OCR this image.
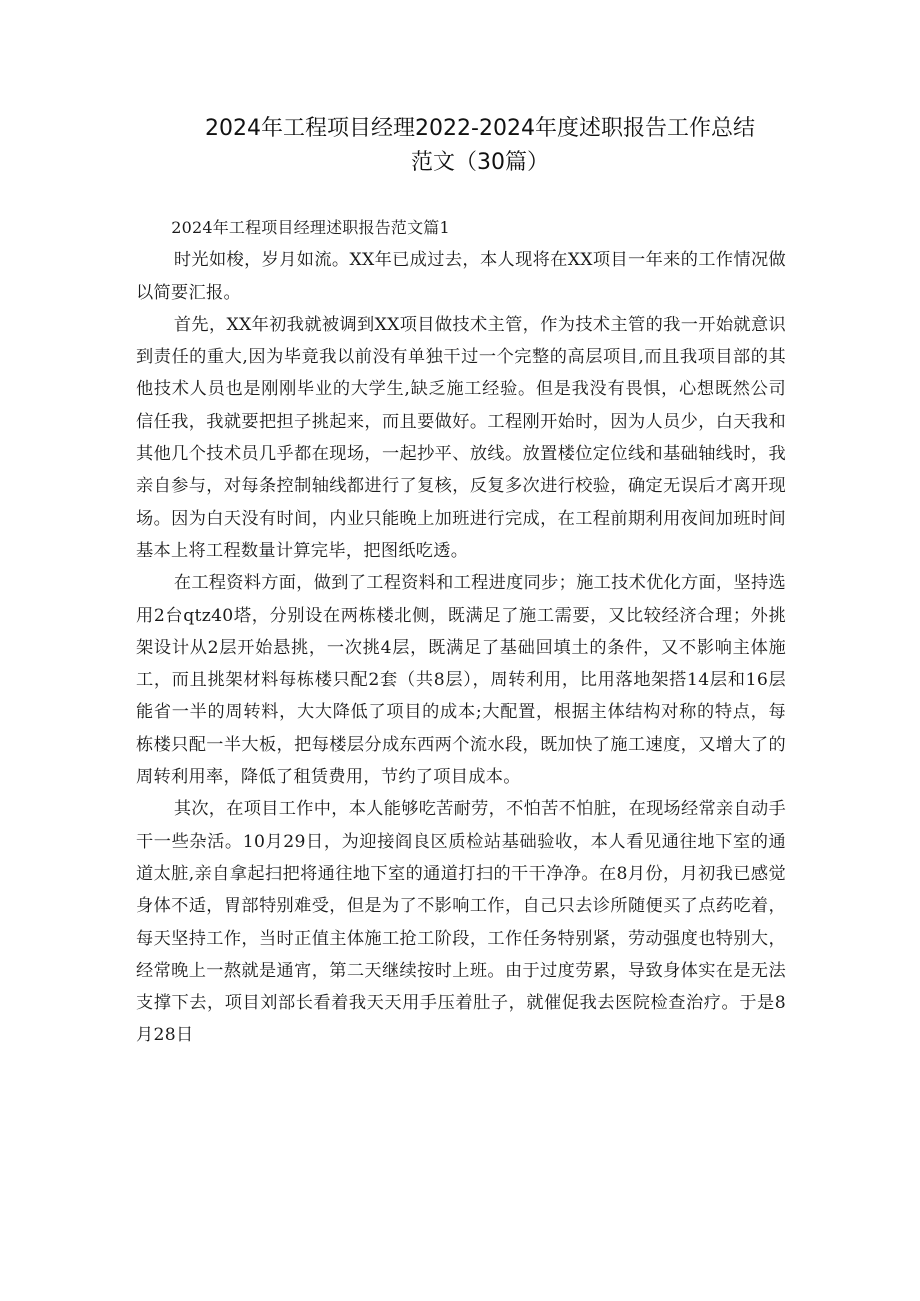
2024年工程项目经理2022-2024年度述职报告工作总结
范文（30篇）

2024年工程项目经理述职报告范文篇1

时光如梭，岁月如流。XX年已成过去，本人现将在XX项目一年来的工作情况做以简要汇报。

首先，XX年初我就被调到XX项目做技术主管，作为技术主管的我一开始就意识到责任的重大,因为毕竟我以前没有单独干过一个完整的高层项目,而且我项目部的其他技术人员也是刚刚毕业的大学生,缺乏施工经验。但是我没有畏惧，心想既然公司信任我，我就要把担子挑起来，而且要做好。工程刚开始时，因为人员少，白天我和其他几个技术员几乎都在现场，一起抄平、放线。放置楼位定位线和基础轴线时，我亲自参与，对每条控制轴线都进行了复核，反复多次进行校验，确定无误后才离开现场。因为白天没有时间，内业只能晚上加班进行完成，在工程前期利用夜间加班时间基本上将工程数量计算完毕，把图纸吃透。

在工程资料方面，做到了工程资料和工程进度同步；施工技术优化方面，坚持选用2台qtz40塔，分别设在两栋楼北侧，既满足了施工需要，又比较经济合理；外挑架设计从2层开始悬挑，一次挑4层，既满足了基础回填土的条件，又不影响主体施工，而且挑架材料每栋楼只配2套（共8层），周转利用，比用落地架搭14层和16层能省一半的周转料，大大降低了项目的成本;大配置，根据主体结构对称的特点，每栋楼只配一半大板，把每楼层分成东西两个流水段，既加快了施工速度，又增大了的周转利用率，降低了租赁费用，节约了项目成本。

其次，在项目工作中，本人能够吃苦耐劳，不怕苦不怕脏，在现场经常亲自动手干一些杂活。10月29日，为迎接阎良区质检站基础验收，本人看见通往地下室的通道太脏,亲自拿起扫把将通往地下室的通道打扫的干干净净。在8月份，月初我已感觉身体不适，胃部特别难受，但是为了不影响工作，自己只去诊所随便买了点药吃着，每天坚持工作，当时正值主体施工抢工阶段，工作任务特别紧，劳动强度也特别大，经常晚上一熬就是通宵，第二天继续按时上班。由于过度劳累，导致身体实在是无法支撑下去，项目刘部长看着我天天用手压着肚子，就催促我去医院检查治疗。于是8月28日
